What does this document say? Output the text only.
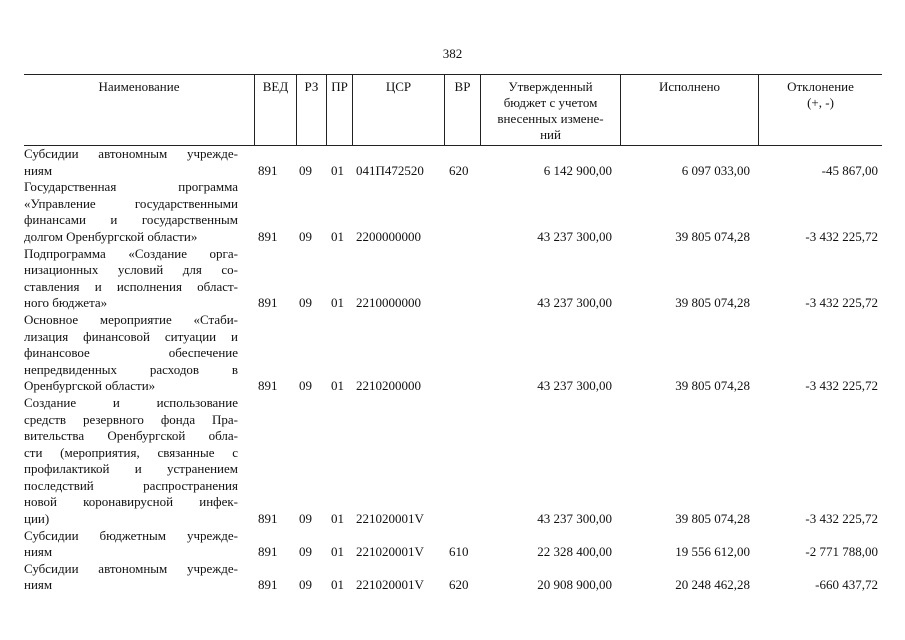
382
Наименование	ВЕД	РЗ ПР	ЦСР	ВР	Утвержденный
бюджет с учетом
внесенных измене-
ний
Исполнено	Отклонение
(+, -)
Субсидии автономным учрежде-
ниям	891 09 01 041П472520 620	6 142 900,00	6 097 033,00	-45 867,00
Государственная программа
«Управление государственными
финансами и государственным
долгом Оренбургской области»	891 09 01 2200000000	43 237 300,00	39 805 074,28	-3 432 225,72
Подпрограмма «Создание орга-
низационных условий для со-
ставления и исполнения област-
ного бюджета»	891 09 01 2210000000	43 237 300,00	39 805 074,28	-3 432 225,72
Основное мероприятие «Стаби-
лизация финансовой ситуации и
финансовое обеспечение
непредвиденных расходов в
Оренбургской области»	891 09 01 2210200000	43 237 300,00	39 805 074,28	-3 432 225,72
Создание и использование
средств резервного фонда Пра-
вительства Оренбургской обла-
сти (мероприятия, связанные с
профилактикой и устранением
последствий распространения
новой коронавирусной инфек-
ции)	891 09 01 221020001V	43 237 300,00	39 805 074,28	-3 432 225,72
Субсидии бюджетным учрежде-
ниям	891 09 01 221020001V 610	22 328 400,00	19 556 612,00	-2 771 788,00
Субсидии автономным учрежде-
ниям	891 09 01 221020001V 620	20 908 900,00	20 248 462,28	-660 437,72
